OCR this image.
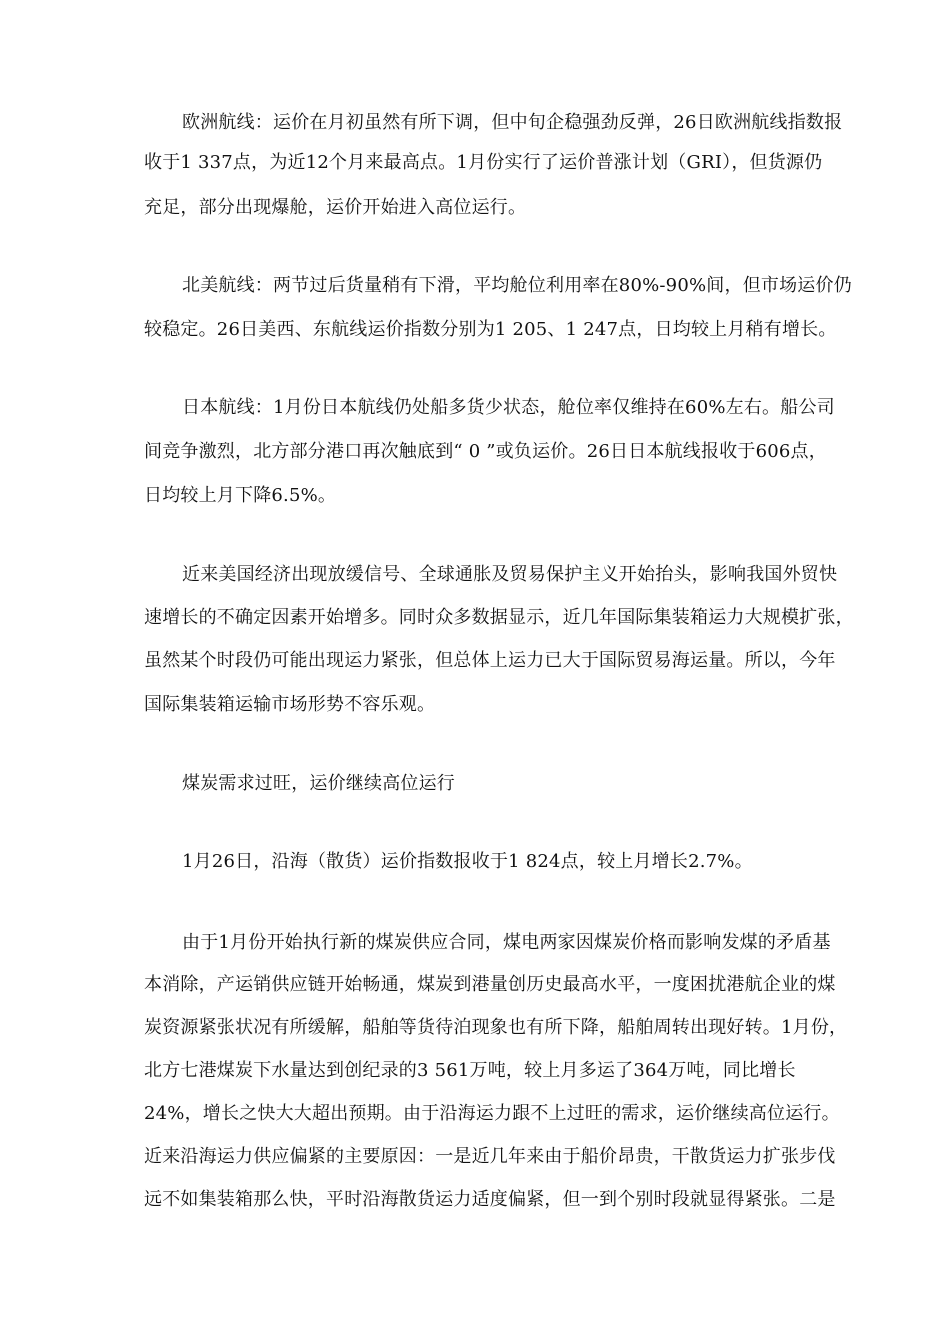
欧洲航线：运价在月初虽然有所下调，但中旬企稳强劲反弹，26日欧洲航线指数报
收于1 337点，为近12个月来最高点。1月份实行了运价普涨计划（GRI），但货源仍
充足，部分出现爆舱，运价开始进入高位运行。
北美航线：两节过后货量稍有下滑，平均舱位利用率在80%-90%间，但市场运价仍
较稳定。26日美西、东航线运价指数分别为1 205、1 247点，日均较上月稍有增长。
日本航线：1月份日本航线仍处船多货少状态，舱位率仅维持在60%左右。船公司
间竞争激烈，北方部分港口再次触底到“ 0 ”或负运价。26日日本航线报收于606点，
日均较上月下降6.5%。
近来美国经济出现放缓信号、全球通胀及贸易保护主义开始抬头，影响我国外贸快
速增长的不确定因素开始增多。同时众多数据显示，近几年国际集装箱运力大规模扩张，
虽然某个时段仍可能出现运力紧张，但总体上运力已大于国际贸易海运量。所以，今年
国际集装箱运输市场形势不容乐观。
煤炭需求过旺，运价继续高位运行
1月26日，沿海（散货）运价指数报收于1 824点，较上月增长2.7%。
由于1月份开始执行新的煤炭供应合同，煤电两家因煤炭价格而影响发煤的矛盾基
本消除，产运销供应链开始畅通，煤炭到港量创历史最高水平，一度困扰港航企业的煤
炭资源紧张状况有所缓解，船舶等货待泊现象也有所下降，船舶周转出现好转。1月份，
北方七港煤炭下水量达到创纪录的3 561万吨，较上月多运了364万吨，同比增长
24%，增长之快大大超出预期。由于沿海运力跟不上过旺的需求，运价继续高位运行。
近来沿海运力供应偏紧的主要原因：一是近几年来由于船价昂贵，干散货运力扩张步伐
远不如集装箱那么快，平时沿海散货运力适度偏紧，但一到个别时段就显得紧张。二是
